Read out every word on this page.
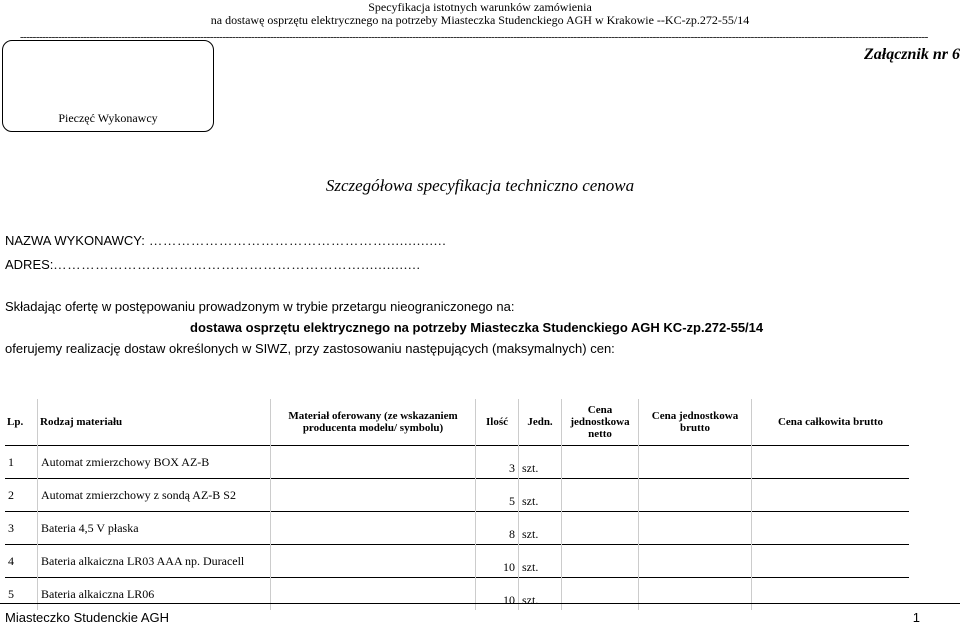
Specyfikacja istotnych warunków zamówienia
na dostawę osprzętu elektrycznego na potrzeby Miasteczka Studenckiego AGH w Krakowie --KC-zp.272-55/14
-----------------------------------------------------------------------------------------------------------------------------------------------------------------------------------------------------------------------------------------------------------------------------------------------
Pieczęć Wykonawcy
Załącznik nr 6
Szczegółowa specyfikacja techniczno cenowa
NAZWA WYKONAWCY: ……………………………………………..............
ADRES:…………………………………………………………..............
Składając ofertę w postępowaniu prowadzonym w trybie przetargu nieograniczonego na:
dostawa osprzętu elektrycznego na potrzeby Miasteczka Studenckiego AGH KC-zp.272-55/14
oferujemy realizację dostaw określonych w SIWZ, przy zastosowaniu następujących (maksymalnych) cen:
Lp.	Rodzaj materiału	Materiał oferowany (ze wskazaniem producenta modelu/ symbolu)	Ilość	Jedn.	Cena jednostkowa netto	Cena jednostkowa brutto	Cena całkowita brutto
1	Automat zmierzchowy BOX AZ-B		3	szt.			
2	Automat zmierzchowy z sondą AZ-B S2		5	szt.			
3	Bateria 4,5 V płaska		8	szt.			
4	Bateria alkaiczna LR03 AAA np. Duracell		10	szt.			
5	Bateria alkaiczna LR06		10	szt.			
Miasteczko Studenckie AGH	1
